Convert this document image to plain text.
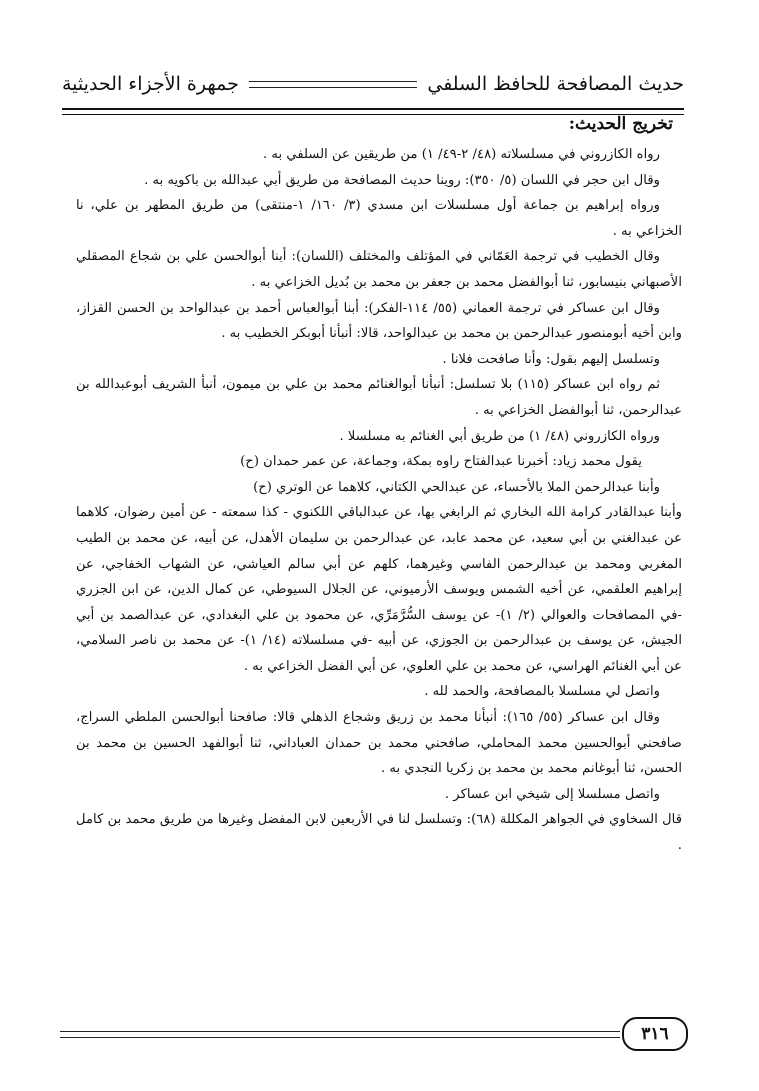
حديث المصافحة للحافظ السلفي
جمهرة الأجزاء الحديثية
تخريج الحديث:

رواه الكازروني في مسلسلاته (٤٨/ ٢-٤٩/ ١) من طريقين عن السلفي به .

وقال ابن حجر في اللسان (٥/ ٣٥٠): روينا حديث المصافحة من طريق أبي عبدالله بن باكويه به .

ورواه إبراهيم بن جماعة أول مسلسلات ابن مسدي (٣/ ١٦٠/ ١-منتقى) من طريق المطهر بن علي، نا الخزاعي به .

وقال الخطيب في ترجمة العَمّاني في المؤتلف والمختلف (اللسان): أبنا أبوالحسن علي بن شجاع المصقلي الأصبهاني بنيسابور، ثنا أبوالفضل محمد بن جعفر بن محمد بن بُديل الخزاعي به .

وقال ابن عساكر في ترجمة العماني (٥٥/ ١١٤-الفكر): أبنا أبوالعباس أحمد بن عبدالواحد بن الحسن القزاز، وابن أخيه أبومنصور عبدالرحمن بن محمد بن عبدالواحد، قالا: أنبأنا أبوبكر الخطيب به .

وتسلسل إليهم بقول: وأنا صافحت فلانا .

ثم رواه ابن عساكر (١١٥) بلا تسلسل: أنبأنا أبوالغنائم محمد بن علي بن ميمون، أنبأ الشريف أبوعبدالله بن عبدالرحمن، ثنا أبوالفضل الخزاعي به .

ورواه الكازروني (٤٨/ ١) من طريق أبي الغنائم به مسلسلا .

يقول محمد زياد: أخبرنا عبدالفتاح راوه بمكة، وجماعة، عن عمر حمدان (ح)

وأبنا عبدالرحمن الملا بالأحساء، عن عبدالحي الكتاني، كلاهما عن الوتري (ح)

وأبنا عبدالقادر كرامة الله البخاري ثم الرابغي بها، عن عبدالباقي اللكنوي - كذا سمعته - عن أمين رضوان، كلاهما عن عبدالغني بن أبي سعيد، عن محمد عابد، عن عبدالرحمن بن سليمان الأهدل، عن أبيه، عن محمد بن الطيب المغربي ومحمد بن عبدالرحمن الفاسي وغيرهما، كلهم عن أبي سالم العياشي، عن الشهاب الخفاجي، عن إبراهيم العلقمي، عن أخيه الشمس ويوسف الأرميوني، عن الجلال السيوطي، عن كمال الدين، عن ابن الجزري -في المصافحات والعوالي (٢/ ١)- عن يوسف السُّرَّمَرِّي، عن محمود بن علي البغدادي، عن عبدالصمد بن أبي الجيش، عن يوسف بن عبدالرحمن بن الجوزي، عن أبيه -في مسلسلاته (١٤/ ١)- عن محمد بن ناصر السلامي، عن أبي الغنائم الهراسي، عن محمد بن علي العلوي، عن أبي الفضل الخزاعي به .

واتصل لي مسلسلا بالمصافحة، والحمد لله .

وقال ابن عساكر (٥٥/ ١٦٥): أنبأنا محمد بن زريق وشجاع الذهلي قالا: صافحنا أبوالحسن الملطي السراج، صافحني أبوالحسين محمد المحاملي، صافحني محمد بن حمدان العباداني، ثنا أبوالفهد الحسين بن محمد بن الحسن، ثنا أبوغانم محمد بن محمد بن زكريا النجدي به .

واتصل مسلسلا إلى شيخي ابن عساكر .

قال السخاوي في الجواهر المكللة (٦٨): وتسلسل لنا في الأربعين لابن المفضل وغيرها من طريق محمد بن كامل .

٣١٦
